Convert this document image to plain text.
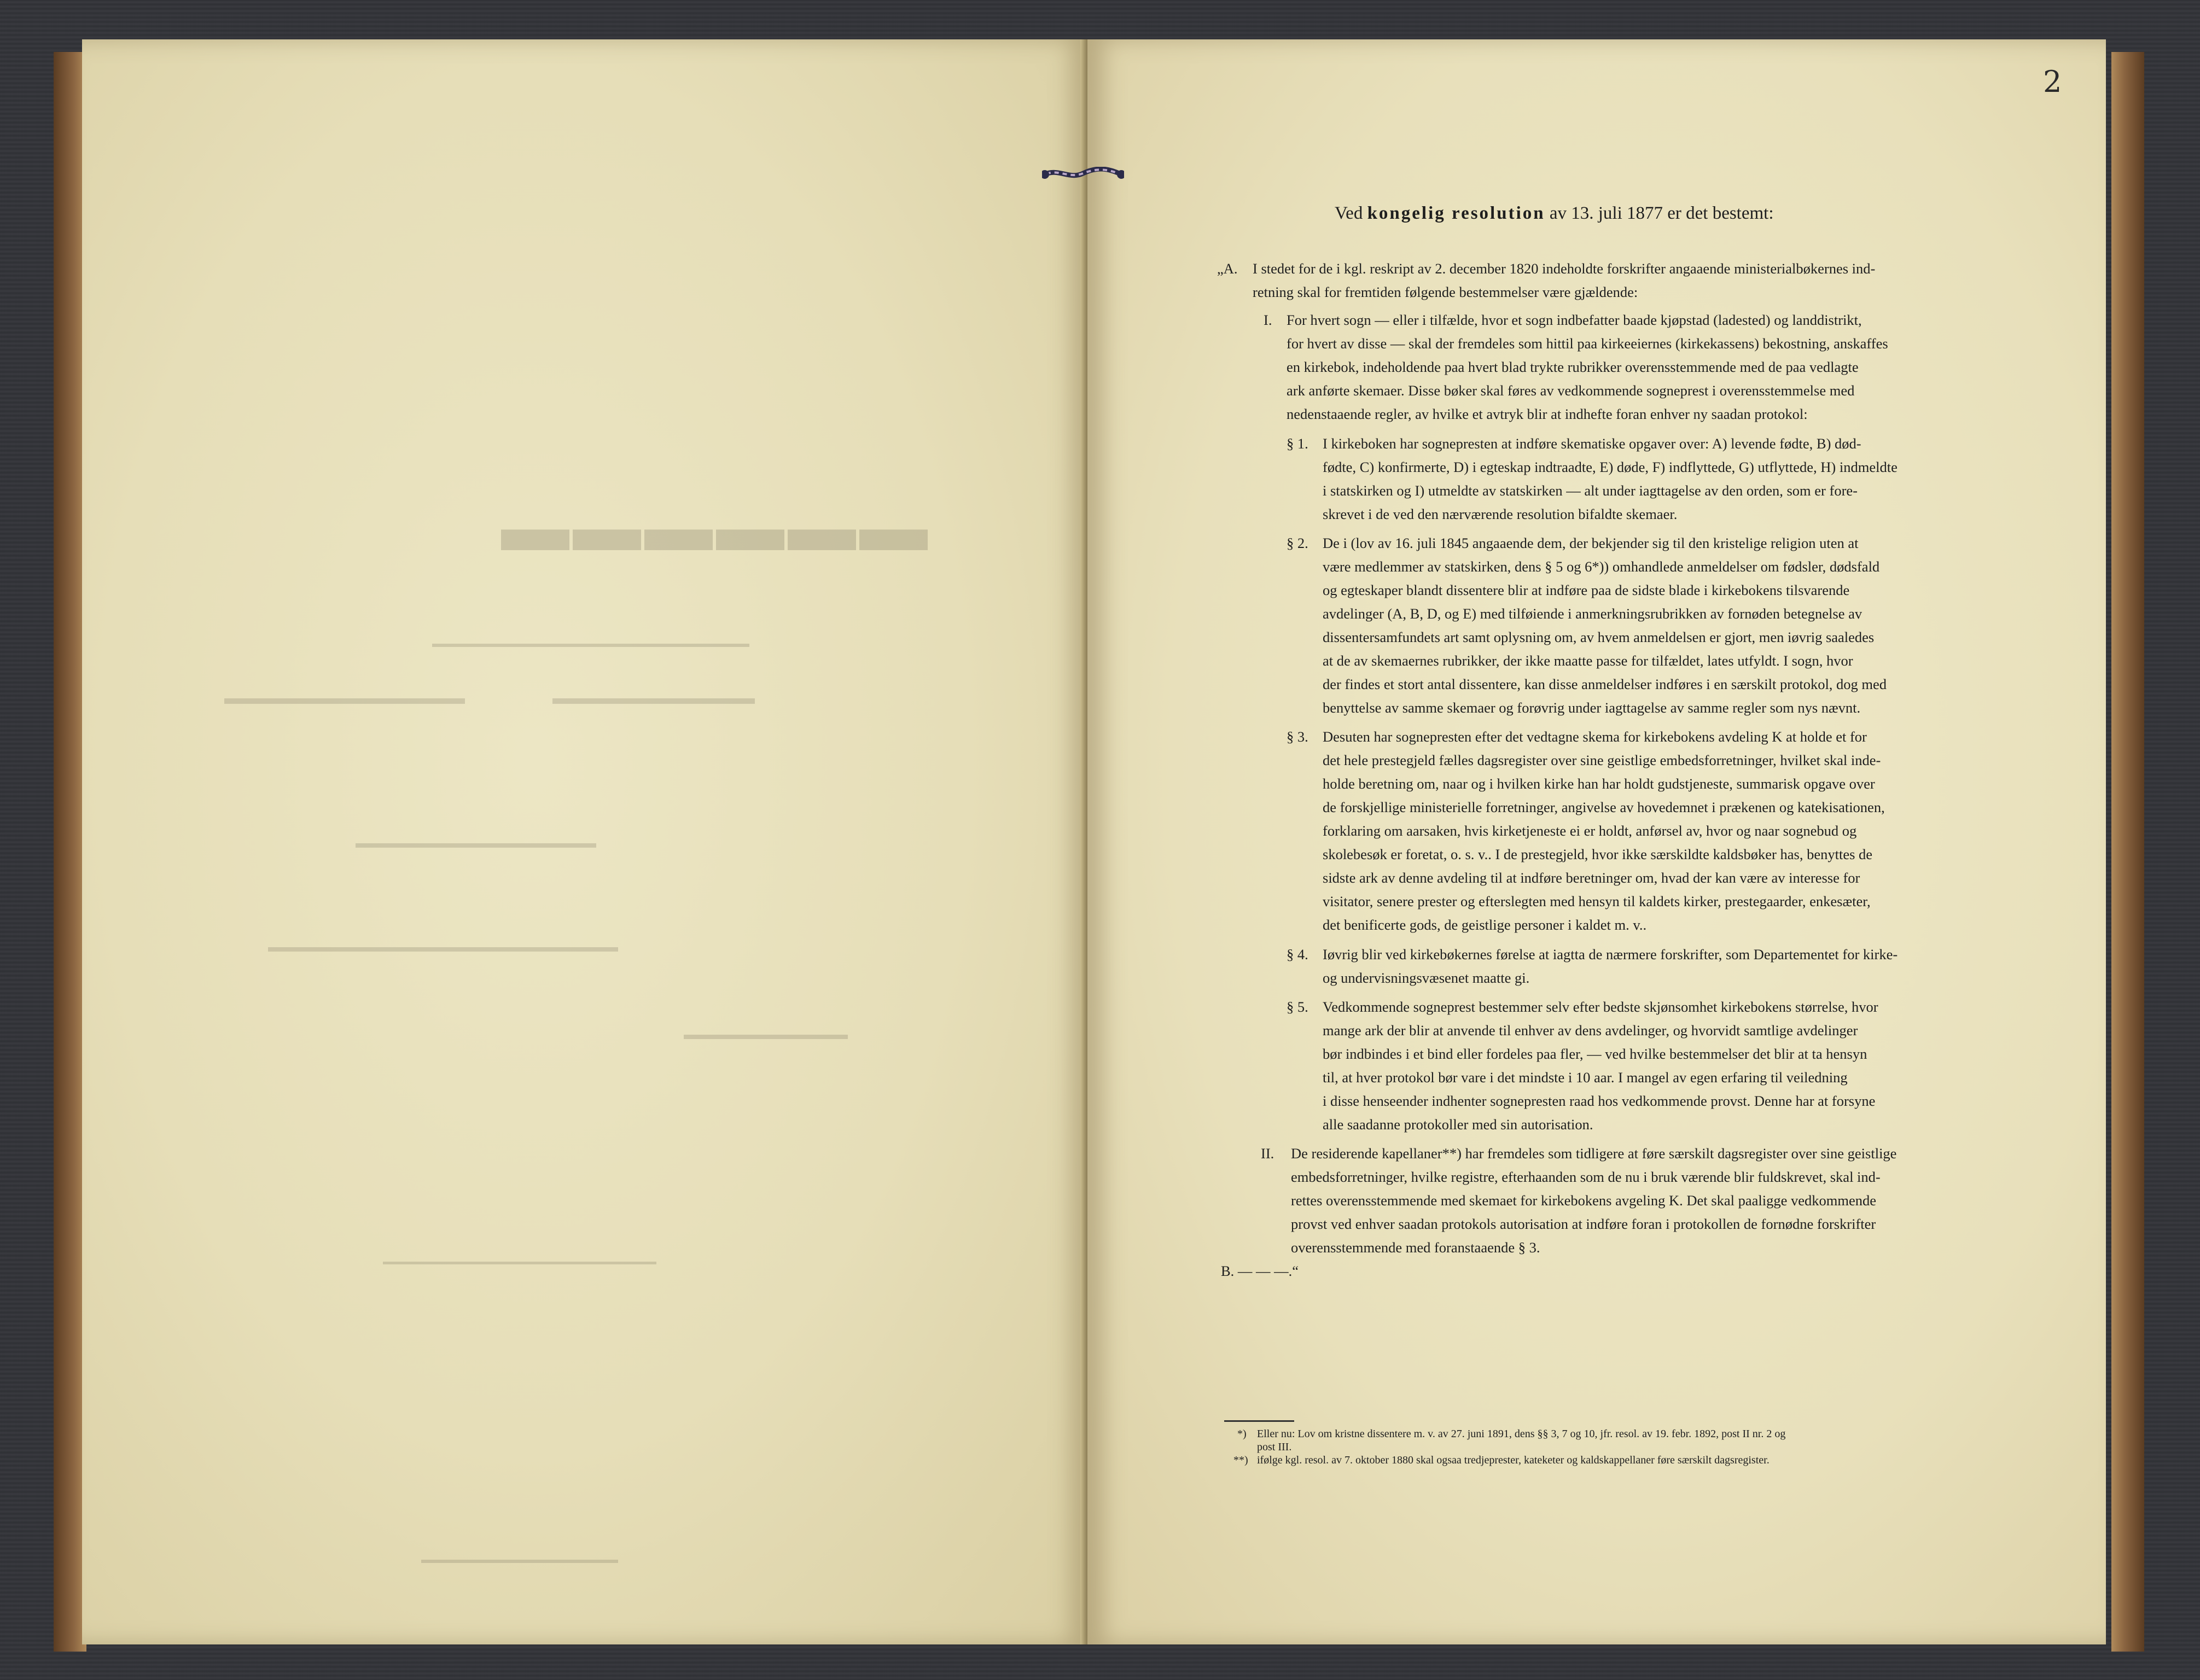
▬▬▬▬▬▬
2
Ved kongelig resolution av 13. juli 1877 er det bestemt:
„A. I stedet for de i kgl. reskript av 2. december 1820 indeholdte forskrifter angaaende ministerialbøkernes ind-

retning skal for fremtiden følgende bestemmelser være gjældende:

I. For hvert sogn — eller i tilfælde, hvor et sogn indbefatter baade kjøpstad (ladested) og landdistrikt,

for hvert av disse — skal der fremdeles som hittil paa kirkeeiernes (kirkekassens) bekostning, anskaffes

en kirkebok, indeholdende paa hvert blad trykte rubrikker overensstemmende med de paa vedlagte

ark anførte skemaer. Disse bøker skal føres av vedkommende sogneprest i overensstemmelse med

nedenstaaende regler, av hvilke et avtryk blir at indhefte foran enhver ny saadan protokol:

§ 1. I kirkeboken har sognepresten at indføre skematiske opgaver over: A) levende fødte, B) død-

fødte, C) konfirmerte, D) i egteskap indtraadte, E) døde, F) indflyttede, G) utflyttede, H) indmeldte

i statskirken og I) utmeldte av statskirken — alt under iagttagelse av den orden, som er fore-

skrevet i de ved den nærværende resolution bifaldte skemaer.

§ 2. De i (lov av 16. juli 1845 angaaende dem, der bekjender sig til den kristelige religion uten at

være medlemmer av statskirken, dens § 5 og 6*)) omhandlede anmeldelser om fødsler, dødsfald

og egteskaper blandt dissentere blir at indføre paa de sidste blade i kirkebokens tilsvarende

avdelinger (A, B, D, og E) med tilføiende i anmerkningsrubrikken av fornøden betegnelse av

dissentersamfundets art samt oplysning om, av hvem anmeldelsen er gjort, men iøvrig saaledes

at de av skemaernes rubrikker, der ikke maatte passe for tilfældet, lates utfyldt. I sogn, hvor

der findes et stort antal dissentere, kan disse anmeldelser indføres i en særskilt protokol, dog med

benyttelse av samme skemaer og forøvrig under iagttagelse av samme regler som nys nævnt.

§ 3. Desuten har sognepresten efter det vedtagne skema for kirkebokens avdeling K at holde et for

det hele prestegjeld fælles dagsregister over sine geistlige embedsforretninger, hvilket skal inde-

holde beretning om, naar og i hvilken kirke han har holdt gudstjeneste, summarisk opgave over

de forskjellige ministerielle forretninger, angivelse av hovedemnet i prækenen og katekisationen,

forklaring om aarsaken, hvis kirketjeneste ei er holdt, anførsel av, hvor og naar sognebud og

skolebesøk er foretat, o. s. v.. I de prestegjeld, hvor ikke særskildte kaldsbøker has, benyttes de

sidste ark av denne avdeling til at indføre beretninger om, hvad der kan være av interesse for

visitator, senere prester og efterslegten med hensyn til kaldets kirker, prestegaarder, enkesæter,

det benificerte gods, de geistlige personer i kaldet m. v..

§ 4. Iøvrig blir ved kirkebøkernes førelse at iagtta de nærmere forskrifter, som Departementet for kirke-

og undervisningsvæsenet maatte gi.

§ 5. Vedkommende sogneprest bestemmer selv efter bedste skjønsomhet kirkebokens størrelse, hvor

mange ark der blir at anvende til enhver av dens avdelinger, og hvorvidt samtlige avdelinger

bør indbindes i et bind eller fordeles paa fler, — ved hvilke bestemmelser det blir at ta hensyn

til, at hver protokol bør vare i det mindste i 10 aar. I mangel av egen erfaring til veiledning

i disse henseender indhenter sognepresten raad hos vedkommende provst. Denne har at forsyne

alle saadanne protokoller med sin autorisation.

II. De residerende kapellaner**) har fremdeles som tidligere at føre særskilt dagsregister over sine geistlige

embedsforretninger, hvilke registre, efterhaanden som de nu i bruk værende blir fuldskrevet, skal ind-

rettes overensstemmende med skemaet for kirkebokens avgeling K. Det skal paaligge vedkommende

provst ved enhver saadan protokols autorisation at indføre foran i protokollen de fornødne forskrifter

overensstemmende med foranstaaende § 3.

B. — — —.“

*) Eller nu: Lov om kristne dissentere m. v. av 27. juni 1891, dens §§ 3, 7 og 10, jfr. resol. av 19. febr. 1892, post II nr. 2 og

post III.

**) ifølge kgl. resol. av 7. oktober 1880 skal ogsaa tredjeprester, kateketer og kaldskappellaner føre særskilt dagsregister.
